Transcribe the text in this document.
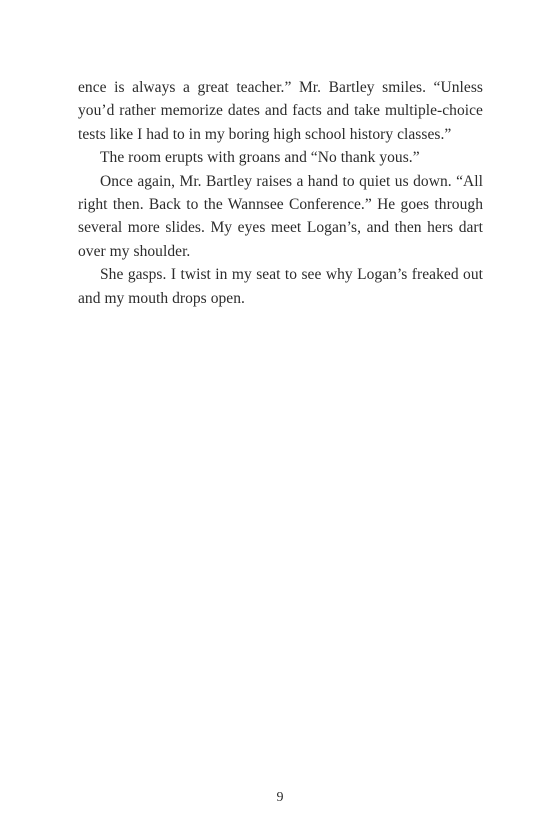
ence is always a great teacher.” Mr. Bartley smiles. “Unless you’d rather memorize dates and facts and take multiple-choice tests like I had to in my boring high school history classes.”

The room erupts with groans and “No thank yous.”

Once again, Mr. Bartley raises a hand to quiet us down. “All right then. Back to the Wannsee Conference.” He goes through several more slides. My eyes meet Logan’s, and then hers dart over my shoulder.

She gasps. I twist in my seat to see why Logan’s freaked out and my mouth drops open.

9
